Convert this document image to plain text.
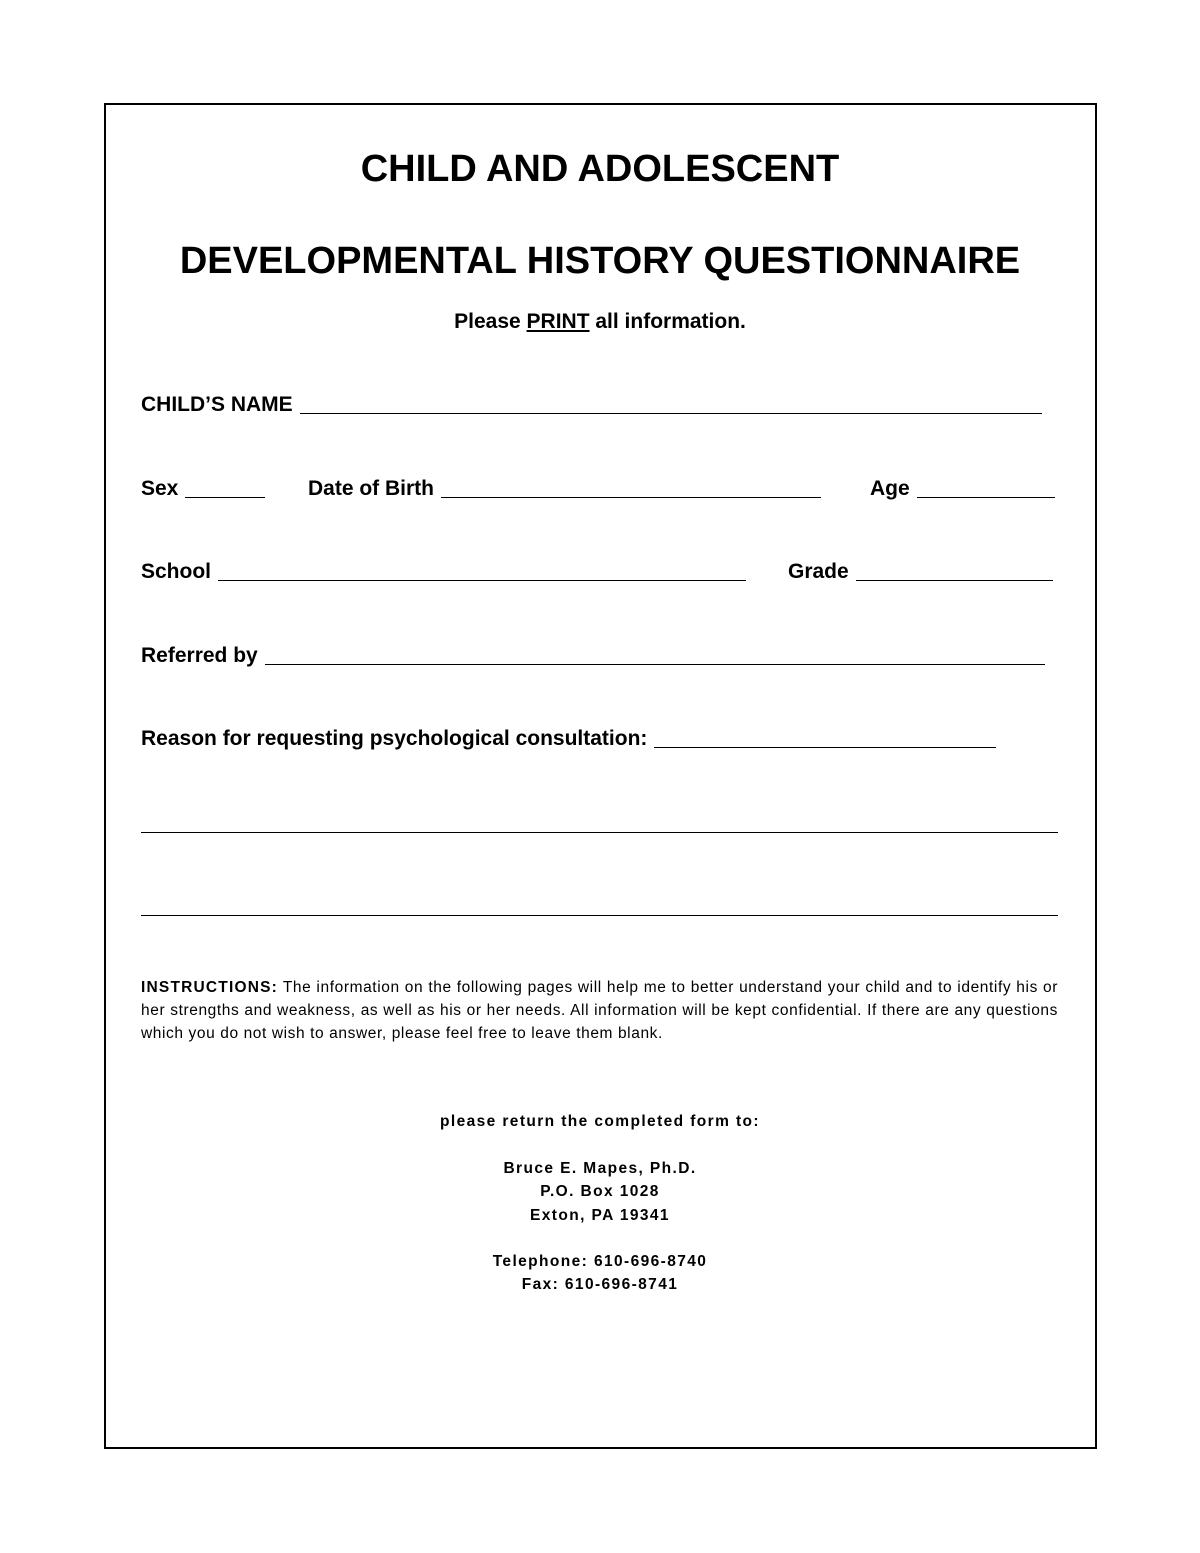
CHILD AND ADOLESCENT
DEVELOPMENTAL HISTORY QUESTIONNAIRE
Please PRINT all information.
CHILD’S NAME
Sex	Date of Birth	Age
School	Grade
Referred by
Reason for requesting psychological consultation:
INSTRUCTIONS: The information on the following pages will help me to better understand your child and to identify his or her strengths and weakness, as well as his or her needs. All information will be kept confidential. If there are any questions which you do not wish to answer, please feel free to leave them blank.
please return the completed form to:
Bruce E. Mapes, Ph.D.
P.O. Box 1028
Exton, PA 19341
Telephone: 610-696-8740
Fax: 610-696-8741
